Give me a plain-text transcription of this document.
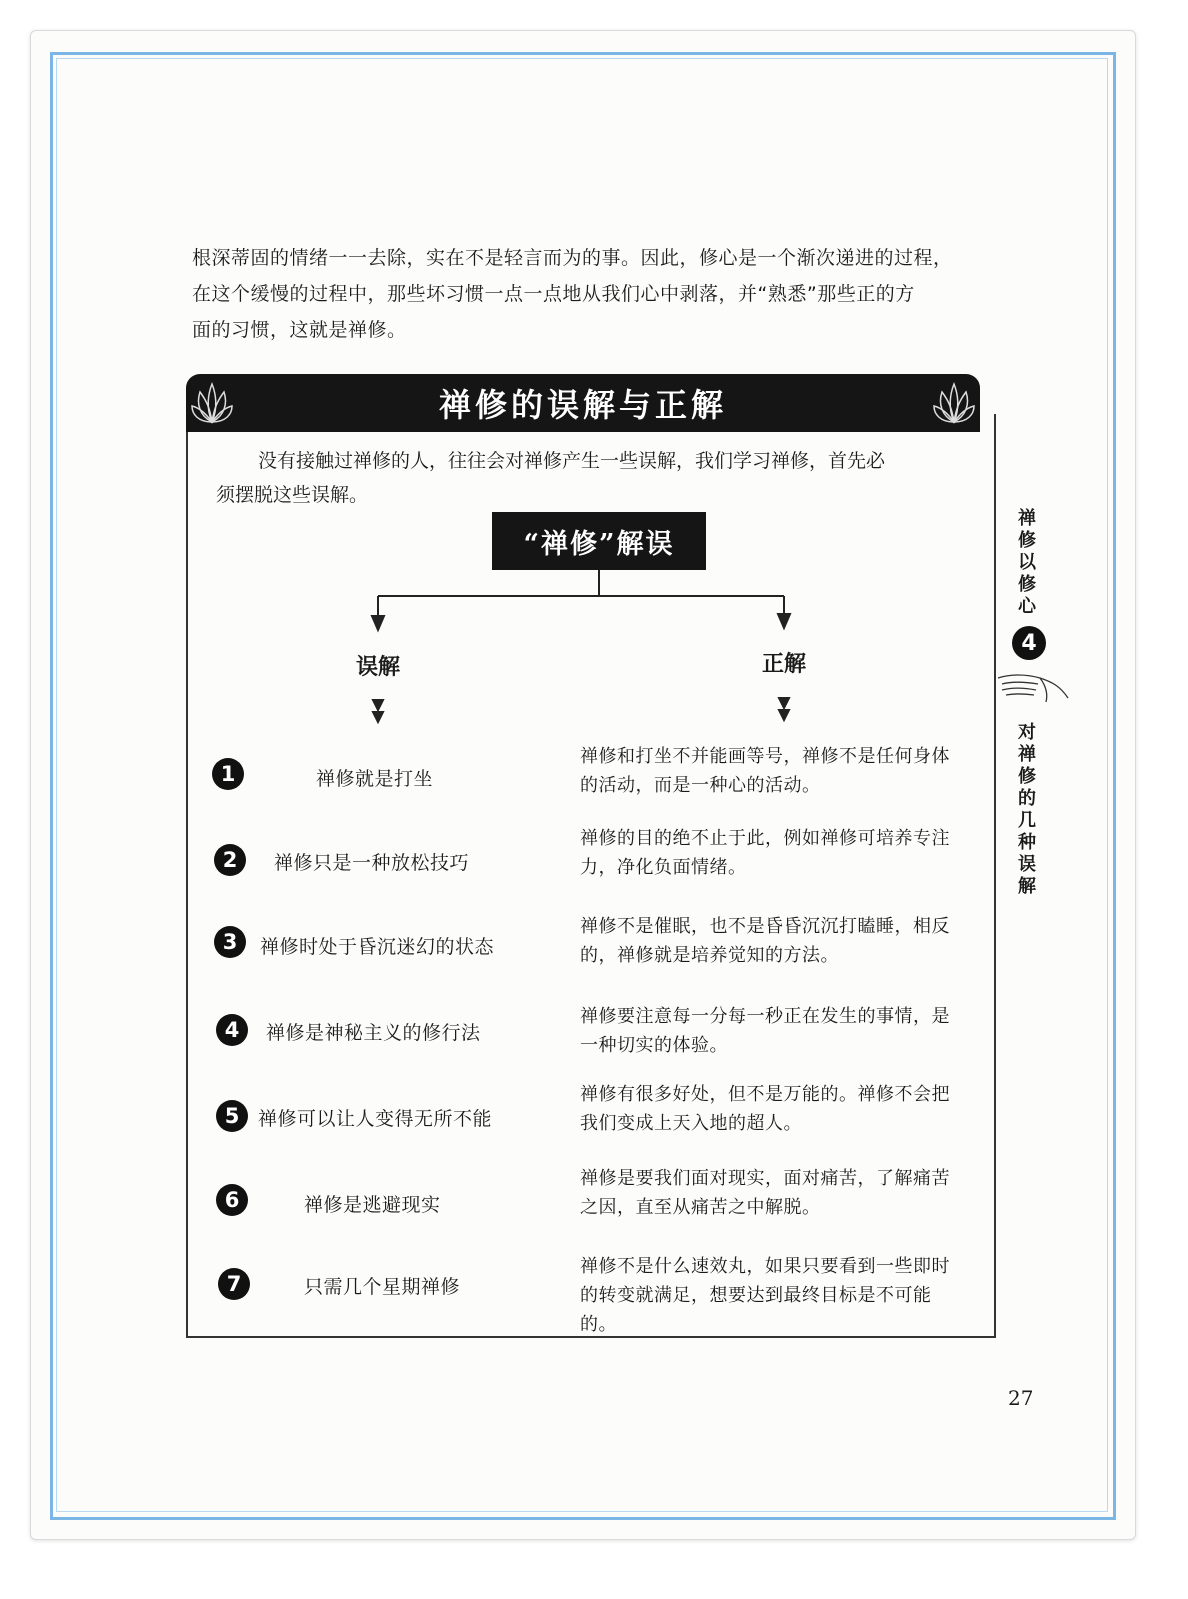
根深蒂固的情绪一一去除，实在不是轻言而为的事。因此，修心是一个渐次递进的过程，

在这个缓慢的过程中，那些坏习惯一点一点地从我们心中剥落，并“熟悉”那些正的方

面的习惯，这就是禅修。

禅修的误解与正解

没有接触过禅修的人，往往会对禅修产生一些误解，我们学习禅修，首先必
须摆脱这些误解。

“禅修”解误
误解	正解
1	禅修就是打坐
禅修和打坐不并能画等号，禅修不是任何身体的活动，而是一种心的活动。
2	禅修只是一种放松技巧
禅修的目的绝不止于此，例如禅修可培养专注力，净化负面情绪。
3	禅修时处于昏沉迷幻的状态
禅修不是催眠，也不是昏昏沉沉打瞌睡，相反的，禅修就是培养觉知的方法。
4	禅修是神秘主义的修行法
禅修要注意每一分每一秒正在发生的事情，是一种切实的体验。
5 禅修可以让人变得无所不能
禅修有很多好处，但不是万能的。禅修不会把我们变成上天入地的超人。
6	禅修是逃避现实
禅修是要我们面对现实，面对痛苦，了解痛苦之因，直至从痛苦之中解脱。
7	只需几个星期禅修
禅修不是什么速效丸，如果只要看到一些即时的转变就满足，想要达到最终目标是不可能的。
禅修以修心
4
对禅修的几种误解
27
